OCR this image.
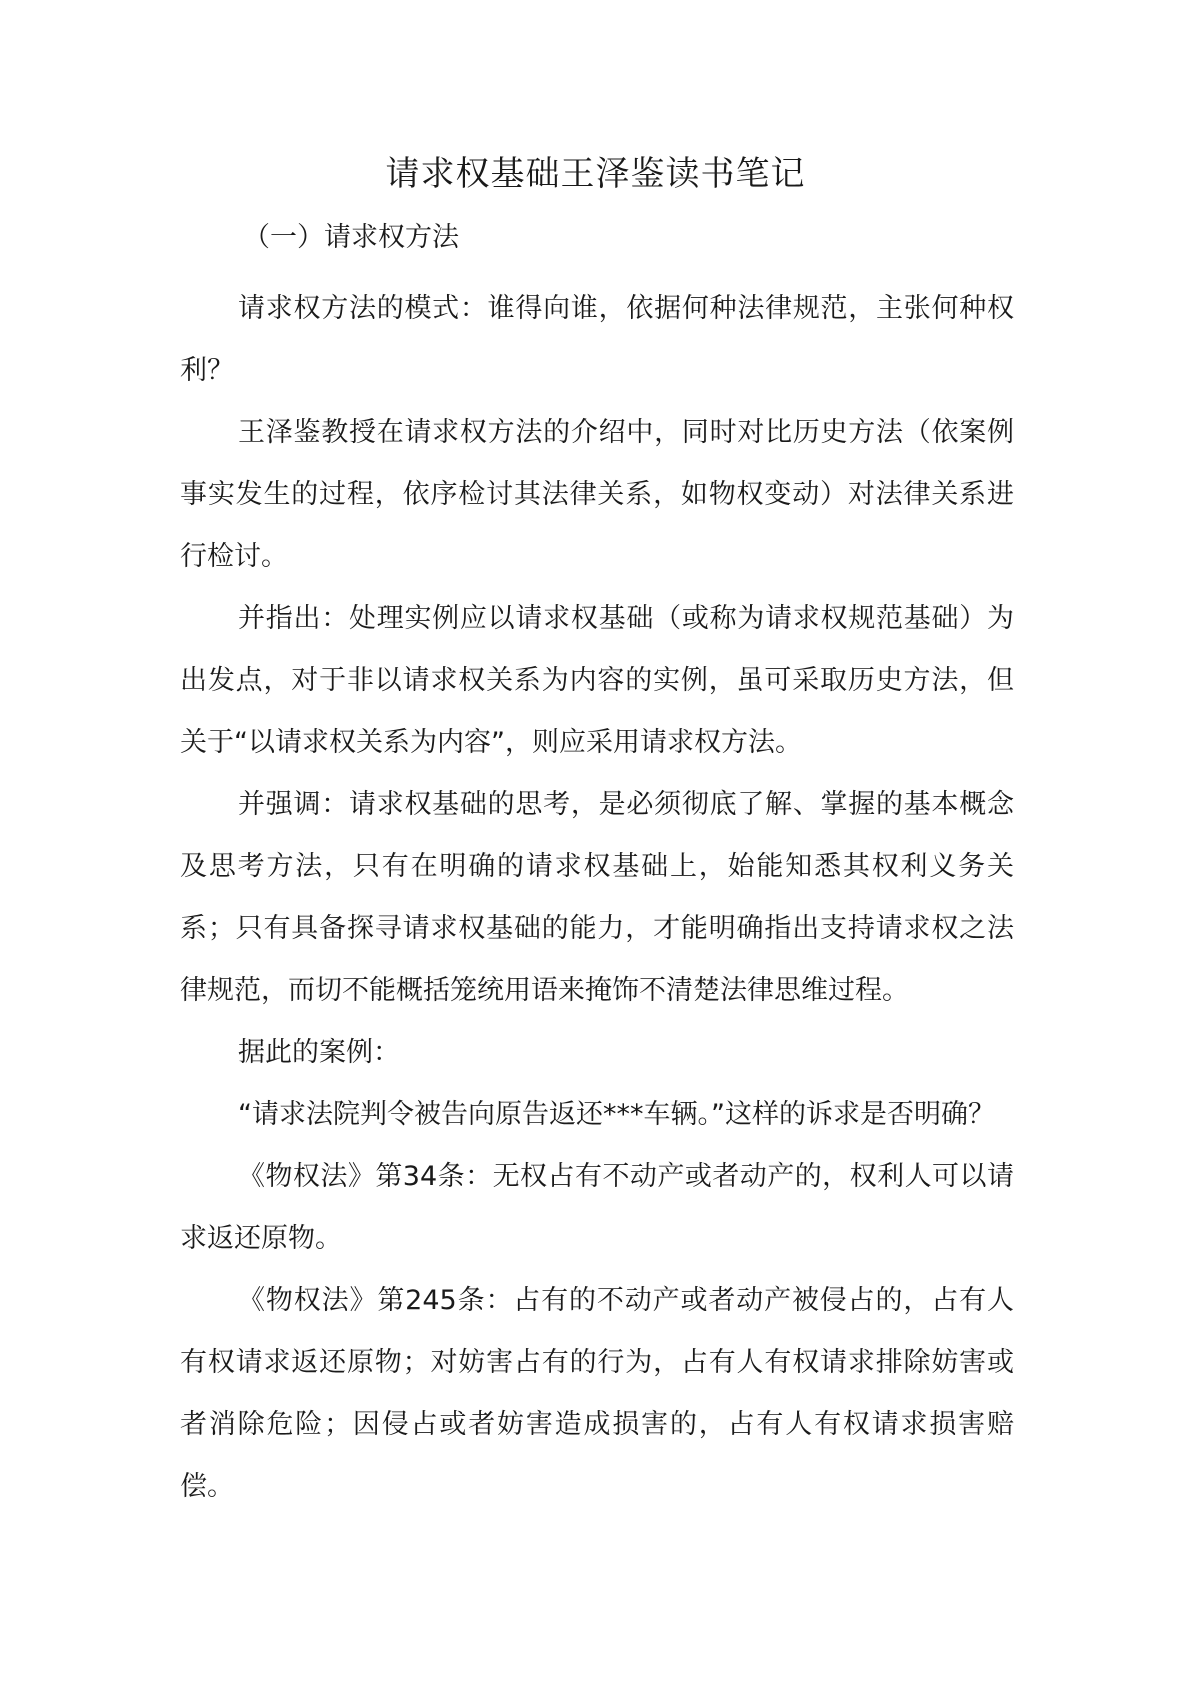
请求权基础王泽鉴读书笔记
（一）请求权方法

请求权方法的模式：谁得向谁，依据何种法律规范，主张何种权利？

王泽鉴教授在请求权方法的介绍中，同时对比历史方法（依案例事实发生的过程，依序检讨其法律关系，如物权变动）对法律关系进行检讨。

并指出：处理实例应以请求权基础（或称为请求权规范基础）为出发点，对于非以请求权关系为内容的实例，虽可采取历史方法，但关于“以请求权关系为内容”，则应采用请求权方法。

并强调：请求权基础的思考，是必须彻底了解、掌握的基本概念及思考方法，只有在明确的请求权基础上，始能知悉其权利义务关系；只有具备探寻请求权基础的能力，才能明确指出支持请求权之法律规范，而切不能概括笼统用语来掩饰不清楚法律思维过程。

据此的案例：

“请求法院判令被告向原告返还***车辆。”这样的诉求是否明确？

《物权法》第34条：无权占有不动产或者动产的，权利人可以请求返还原物。

《物权法》第245条：占有的不动产或者动产被侵占的，占有人有权请求返还原物；对妨害占有的行为，占有人有权请求排除妨害或者消除危险；因侵占或者妨害造成损害的，占有人有权请求损害赔偿。
